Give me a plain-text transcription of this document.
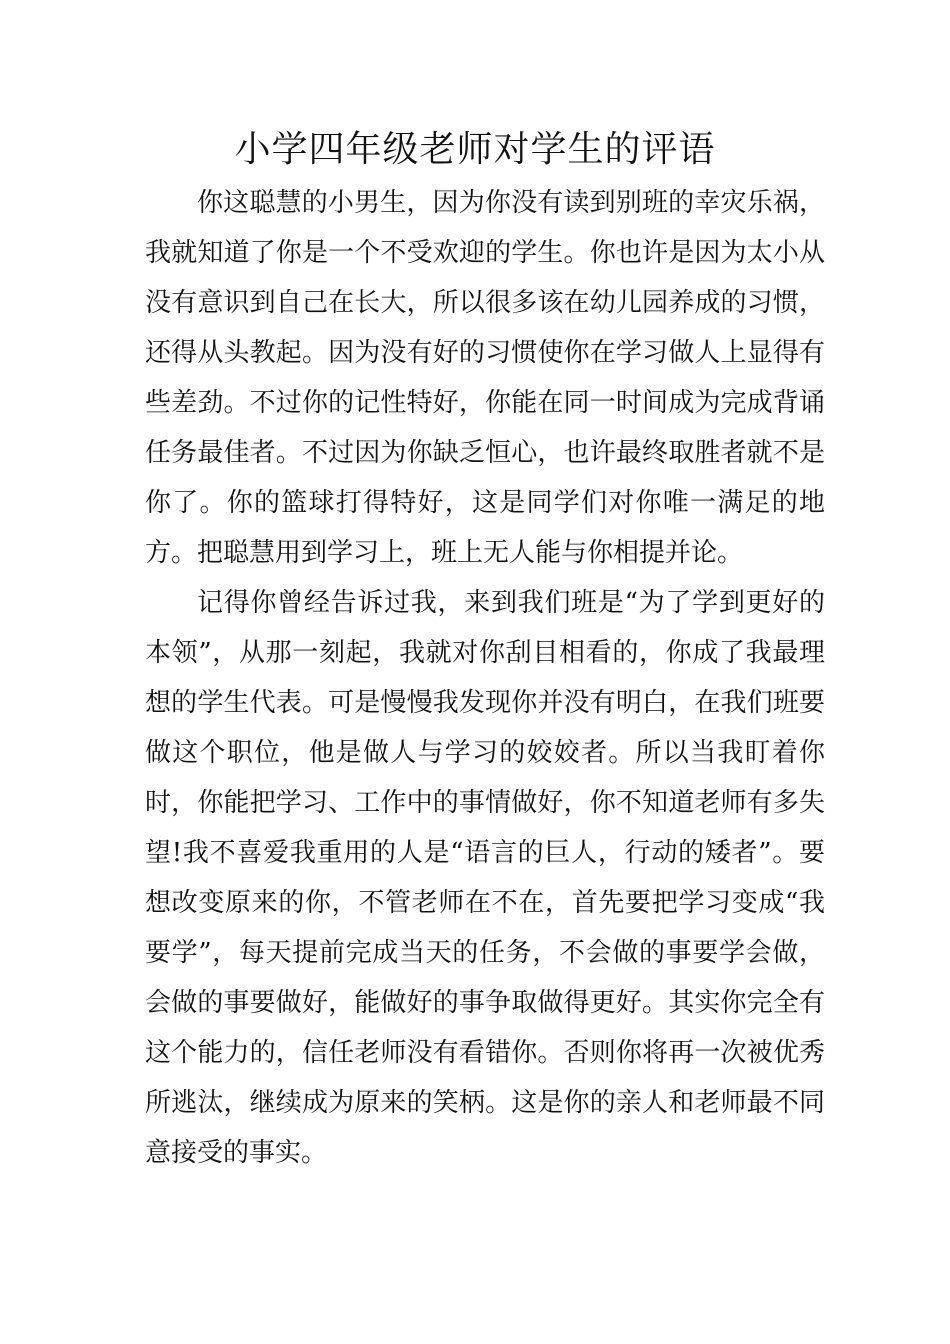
小学四年级老师对学生的评语

你这聪慧的小男生，因为你没有读到别班的幸灾乐祸，我就知道了你是一个不受欢迎的学生。你也许是因为太小从没有意识到自己在长大，所以很多该在幼儿园养成的习惯，还得从头教起。因为没有好的习惯使你在学习做人上显得有些差劲。不过你的记性特好，你能在同一时间成为完成背诵任务最佳者。不过因为你缺乏恒心，也许最终取胜者就不是你了。你的篮球打得特好，这是同学们对你唯一满足的地方。把聪慧用到学习上，班上无人能与你相提并论。

记得你曾经告诉过我，来到我们班是“为了学到更好的本领”，从那一刻起，我就对你刮目相看的，你成了我最理想的学生代表。可是慢慢我发现你并没有明白，在我们班要做这个职位，他是做人与学习的姣姣者。所以当我盯着你时，你能把学习、工作中的事情做好，你不知道老师有多失望!我不喜爱我重用的人是“语言的巨人，行动的矮者”。要想改变原来的你，不管老师在不在，首先要把学习变成“我要学”，每天提前完成当天的任务，不会做的事要学会做，会做的事要做好，能做好的事争取做得更好。其实你完全有这个能力的，信任老师没有看错你。否则你将再一次被优秀所逃汰，继续成为原来的笑柄。这是你的亲人和老师最不同意接受的事实。
